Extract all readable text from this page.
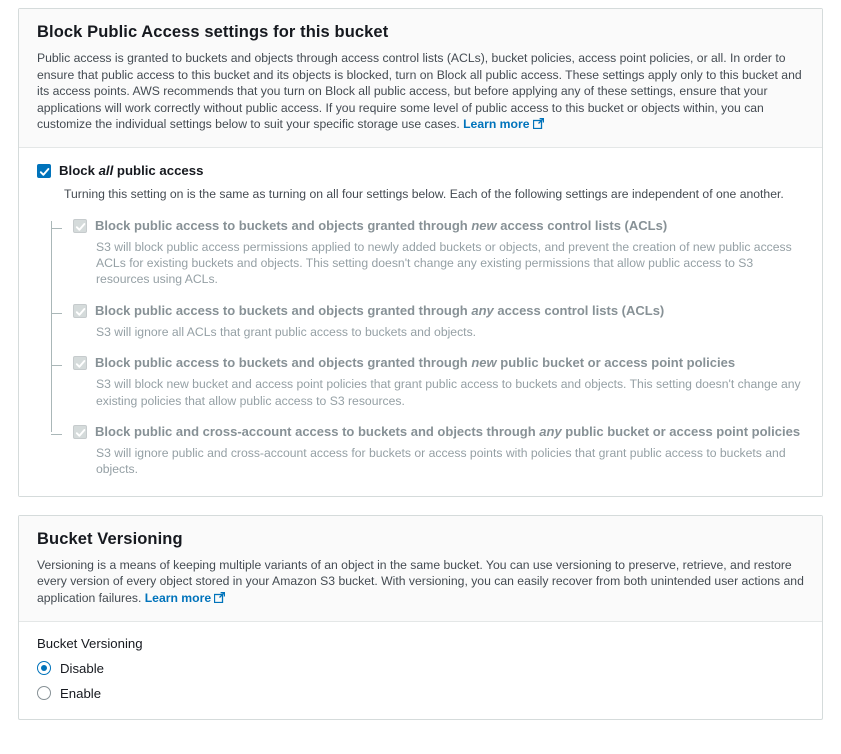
Block Public Access settings for this bucket

Public access is granted to buckets and objects through access control lists (ACLs), bucket policies, access point policies, or all. In order to ensure that public access to this bucket and its objects is blocked, turn on Block all public access. These settings apply only to this bucket and its access points. AWS recommends that you turn on Block all public access, but before applying any of these settings, ensure that your applications will work correctly without public access. If you require some level of public access to this bucket or objects within, you can customize the individual settings below to suit your specific storage use cases. Learn more

Block all public access
Turning this setting on is the same as turning on all four settings below. Each of the following settings are independent of one another.
Block public access to buckets and objects granted through new access control lists (ACLs)
S3 will block public access permissions applied to newly added buckets or objects, and prevent the creation of new public access ACLs for existing buckets and objects. This setting doesn't change any existing permissions that allow public access to S3 resources using ACLs.
Block public access to buckets and objects granted through any access control lists (ACLs)
S3 will ignore all ACLs that grant public access to buckets and objects.
Block public access to buckets and objects granted through new public bucket or access point policies
S3 will block new bucket and access point policies that grant public access to buckets and objects. This setting doesn't change any existing policies that allow public access to S3 resources.
Block public and cross-account access to buckets and objects through any public bucket or access point policies
S3 will ignore public and cross-account access for buckets or access points with policies that grant public access to buckets and objects.
Bucket Versioning

Versioning is a means of keeping multiple variants of an object in the same bucket. You can use versioning to preserve, retrieve, and restore every version of every object stored in your Amazon S3 bucket. With versioning, you can easily recover from both unintended user actions and application failures. Learn more

Bucket Versioning
Disable
Enable
